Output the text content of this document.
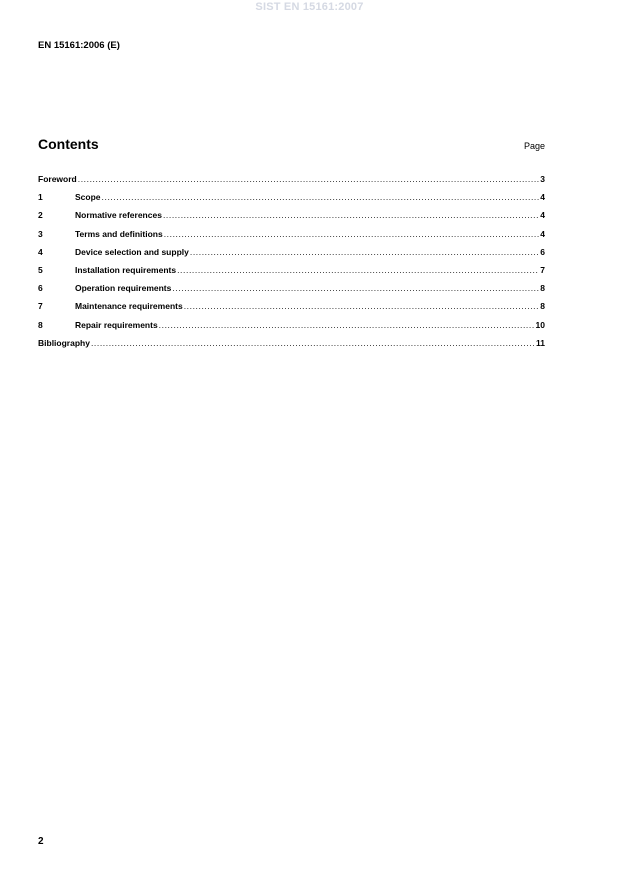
SIST EN 15161:2007
EN 15161:2006 (E)
Contents	Page
Foreword .....	3
1	Scope .....	4
2	Normative references .....	4
3	Terms and definitions .....	4
4	Device selection and supply .....	6
5	Installation requirements .....	7
6	Operation requirements .....	8
7	Maintenance requirements .....	8
8	Repair requirements .....	10
Bibliography .....	11
2
